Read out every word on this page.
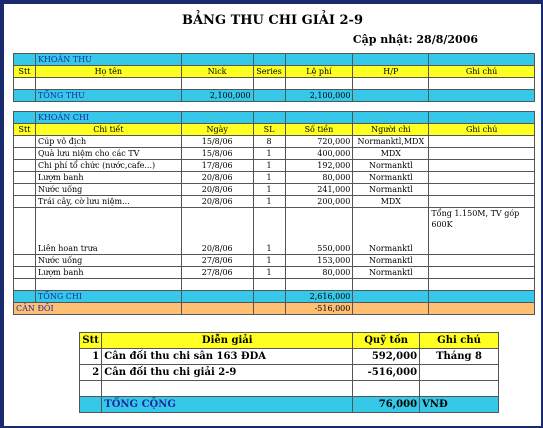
BẢNG THU CHI GIẢI 2-9
Cập nhật: 28/8/2006
	KHOẢN THU					
Stt	Họ tên	Nick	Series	Lệ phí	H/P	Ghi chú

	TỔNG THU	2,100,000		2,100,000		
	KHOẢN CHI					
Stt	Chi tiết	Ngày	SL	Số tiền	Người chi	Ghi chú
	Cúp vô địch	15/8/06	8	720,000	Normanktl,MDX	
	Quà lưu niệm cho các TV	15/8/06	1	400,000	MDX	
	Chi phí tổ chức (nước,cafe...)	17/8/06	1	192,000	Normanktl	
	Lượm banh	20/8/06	1	80,000	Normanktl	
	Nước uống	20/8/06	1	241,000	Normanktl	
	Trái cây, cờ lưu niệm...	20/8/06	1	200,000	MDX	
	Liên hoan trưa	20/8/06	1	550,000	Normanktl	Tổng 1.150M, TV góp 600K
	Nước uống	27/8/06	1	153,000	Normanktl	
	Lượm banh	27/8/06	1	80,000	Normanktl	

	TỔNG CHI			2,616,000		
CÂN ĐỐI				-516,000		
Stt	Diễn giải	Quỹ tồn	Ghi chú
1	Cân đối thu chi sân 163 ĐDA	592,000	Tháng 8
2	Cân đối thu chi giải 2-9	-516,000	

	TỔNG CỘNG	76,000	VNĐ
